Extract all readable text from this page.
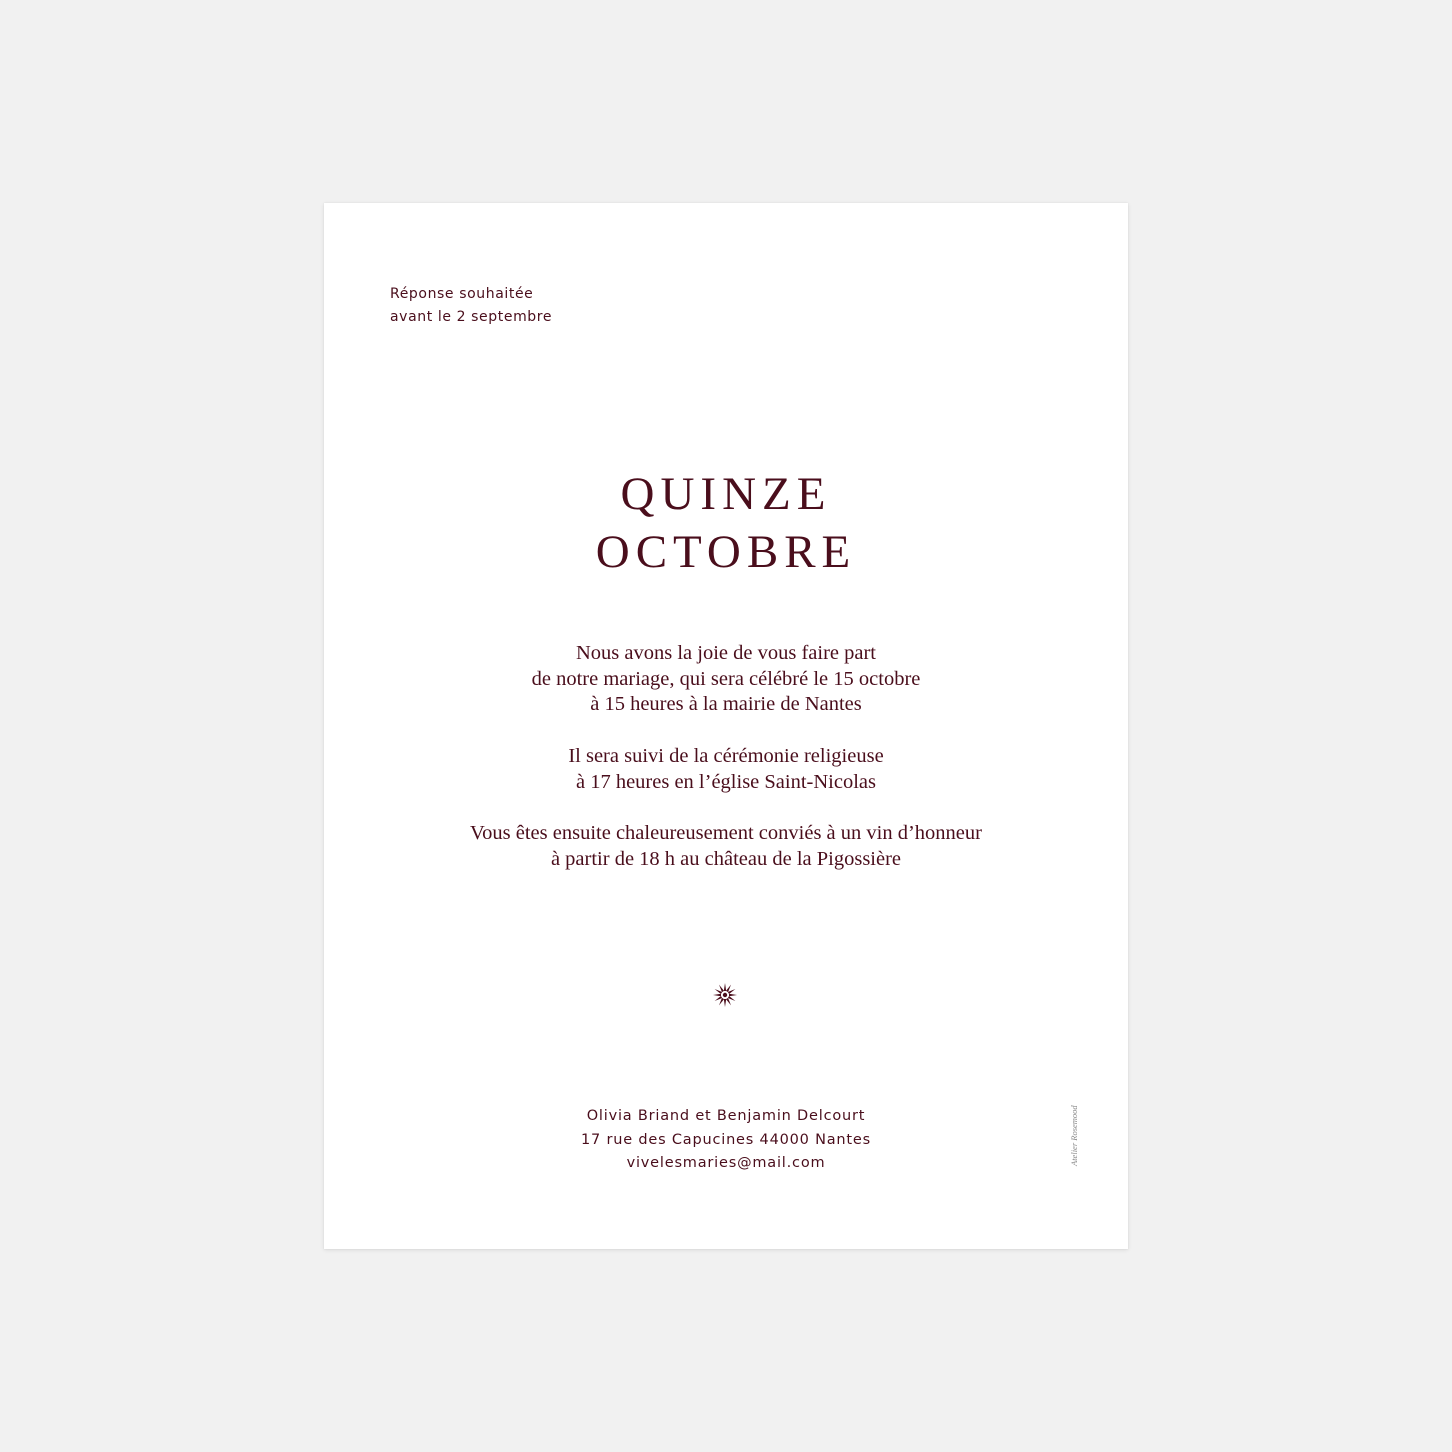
Réponse souhaitée
avant le 2 septembre
QUINZE
OCTOBRE
Nous avons la joie de vous faire part
de notre mariage, qui sera célébré le 15 octobre
à 15 heures à la mairie de Nantes
Il sera suivi de la cérémonie religieuse
à 17 heures en l’église Saint-Nicolas
Vous êtes ensuite chaleureusement conviés à un vin d’honneur
à partir de 18 h au château de la Pigossière
Olivia Briand et Benjamin Delcourt
17 rue des Capucines 44000 Nantes
vivelesmaries@mail.com	Atelier Rosemood
